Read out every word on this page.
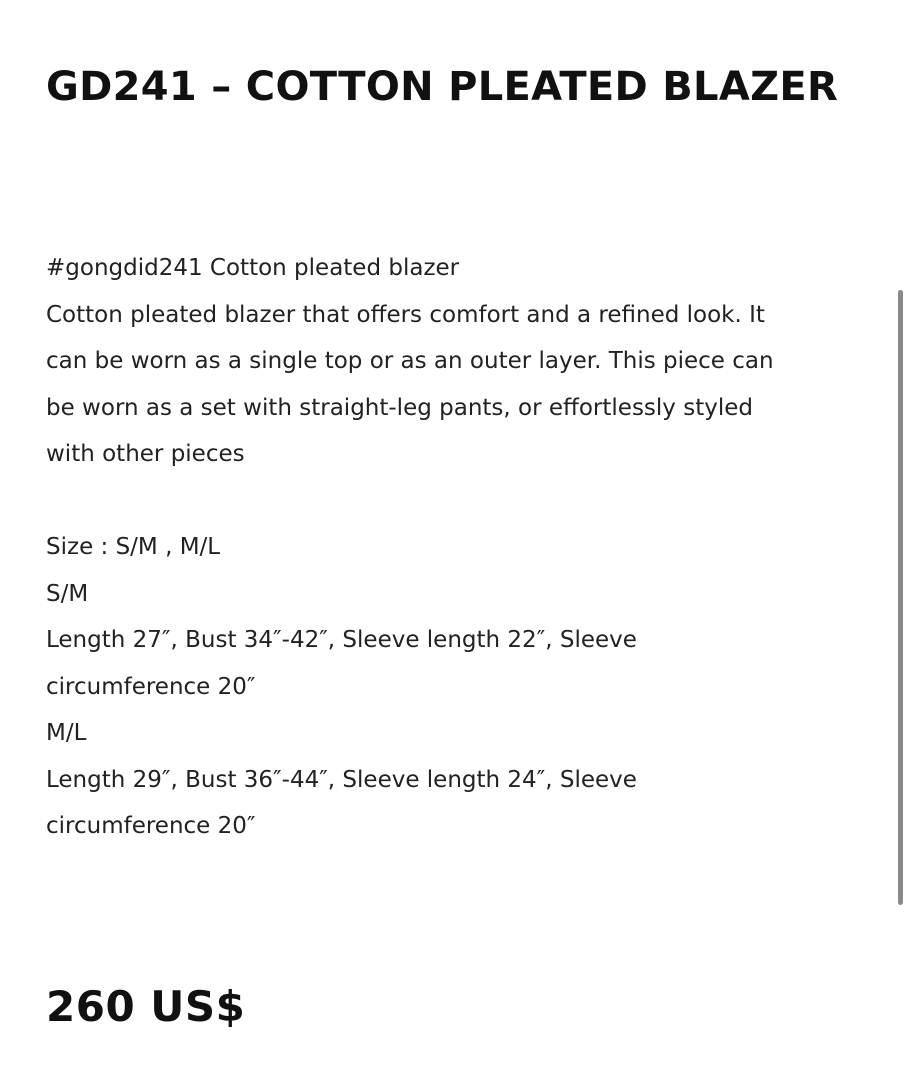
GD241 – COTTON PLEATED BLAZER
#gongdid241 Cotton pleated blazer
Cotton pleated blazer that offers comfort and a refined look. It
can be worn as a single top or as an outer layer. This piece can
be worn as a set with straight-leg pants, or effortlessly styled
with other pieces
Size : S/M , M/L
S/M
Length 27″, Bust 34″-42″, Sleeve length 22″, Sleeve
circumference 20″
M/L
Length 29″, Bust 36″-44″, Sleeve length 24″, Sleeve
circumference 20″
260 US$
